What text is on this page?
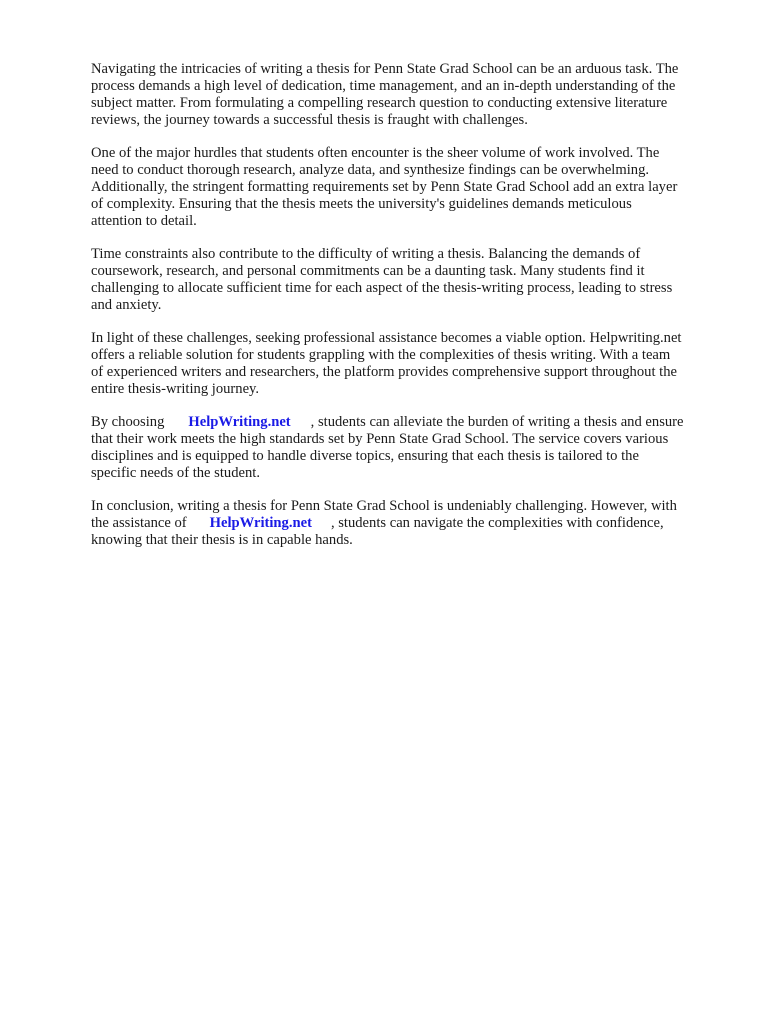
Navigating the intricacies of writing a thesis for Penn State Grad School can be an arduous task. The
process demands a high level of dedication, time management, and an in-depth understanding of the
subject matter. From formulating a compelling research question to conducting extensive literature
reviews, the journey towards a successful thesis is fraught with challenges.

One of the major hurdles that students often encounter is the sheer volume of work involved. The
need to conduct thorough research, analyze data, and synthesize findings can be overwhelming.
Additionally, the stringent formatting requirements set by Penn State Grad School add an extra layer
of complexity. Ensuring that the thesis meets the university's guidelines demands meticulous
attention to detail.

Time constraints also contribute to the difficulty of writing a thesis. Balancing the demands of
coursework, research, and personal commitments can be a daunting task. Many students find it
challenging to allocate sufficient time for each aspect of the thesis-writing process, leading to stress
and anxiety.

In light of these challenges, seeking professional assistance becomes a viable option. Helpwriting.net
offers a reliable solution for students grappling with the complexities of thesis writing. With a team
of experienced writers and researchers, the platform provides comprehensive support throughout the
entire thesis-writing journey.

By choosing HelpWriting.net , students can alleviate the burden of writing a thesis and ensure
that their work meets the high standards set by Penn State Grad School. The service covers various
disciplines and is equipped to handle diverse topics, ensuring that each thesis is tailored to the
specific needs of the student.

In conclusion, writing a thesis for Penn State Grad School is undeniably challenging. However, with
the assistance of HelpWriting.net , students can navigate the complexities with confidence,
knowing that their thesis is in capable hands.
